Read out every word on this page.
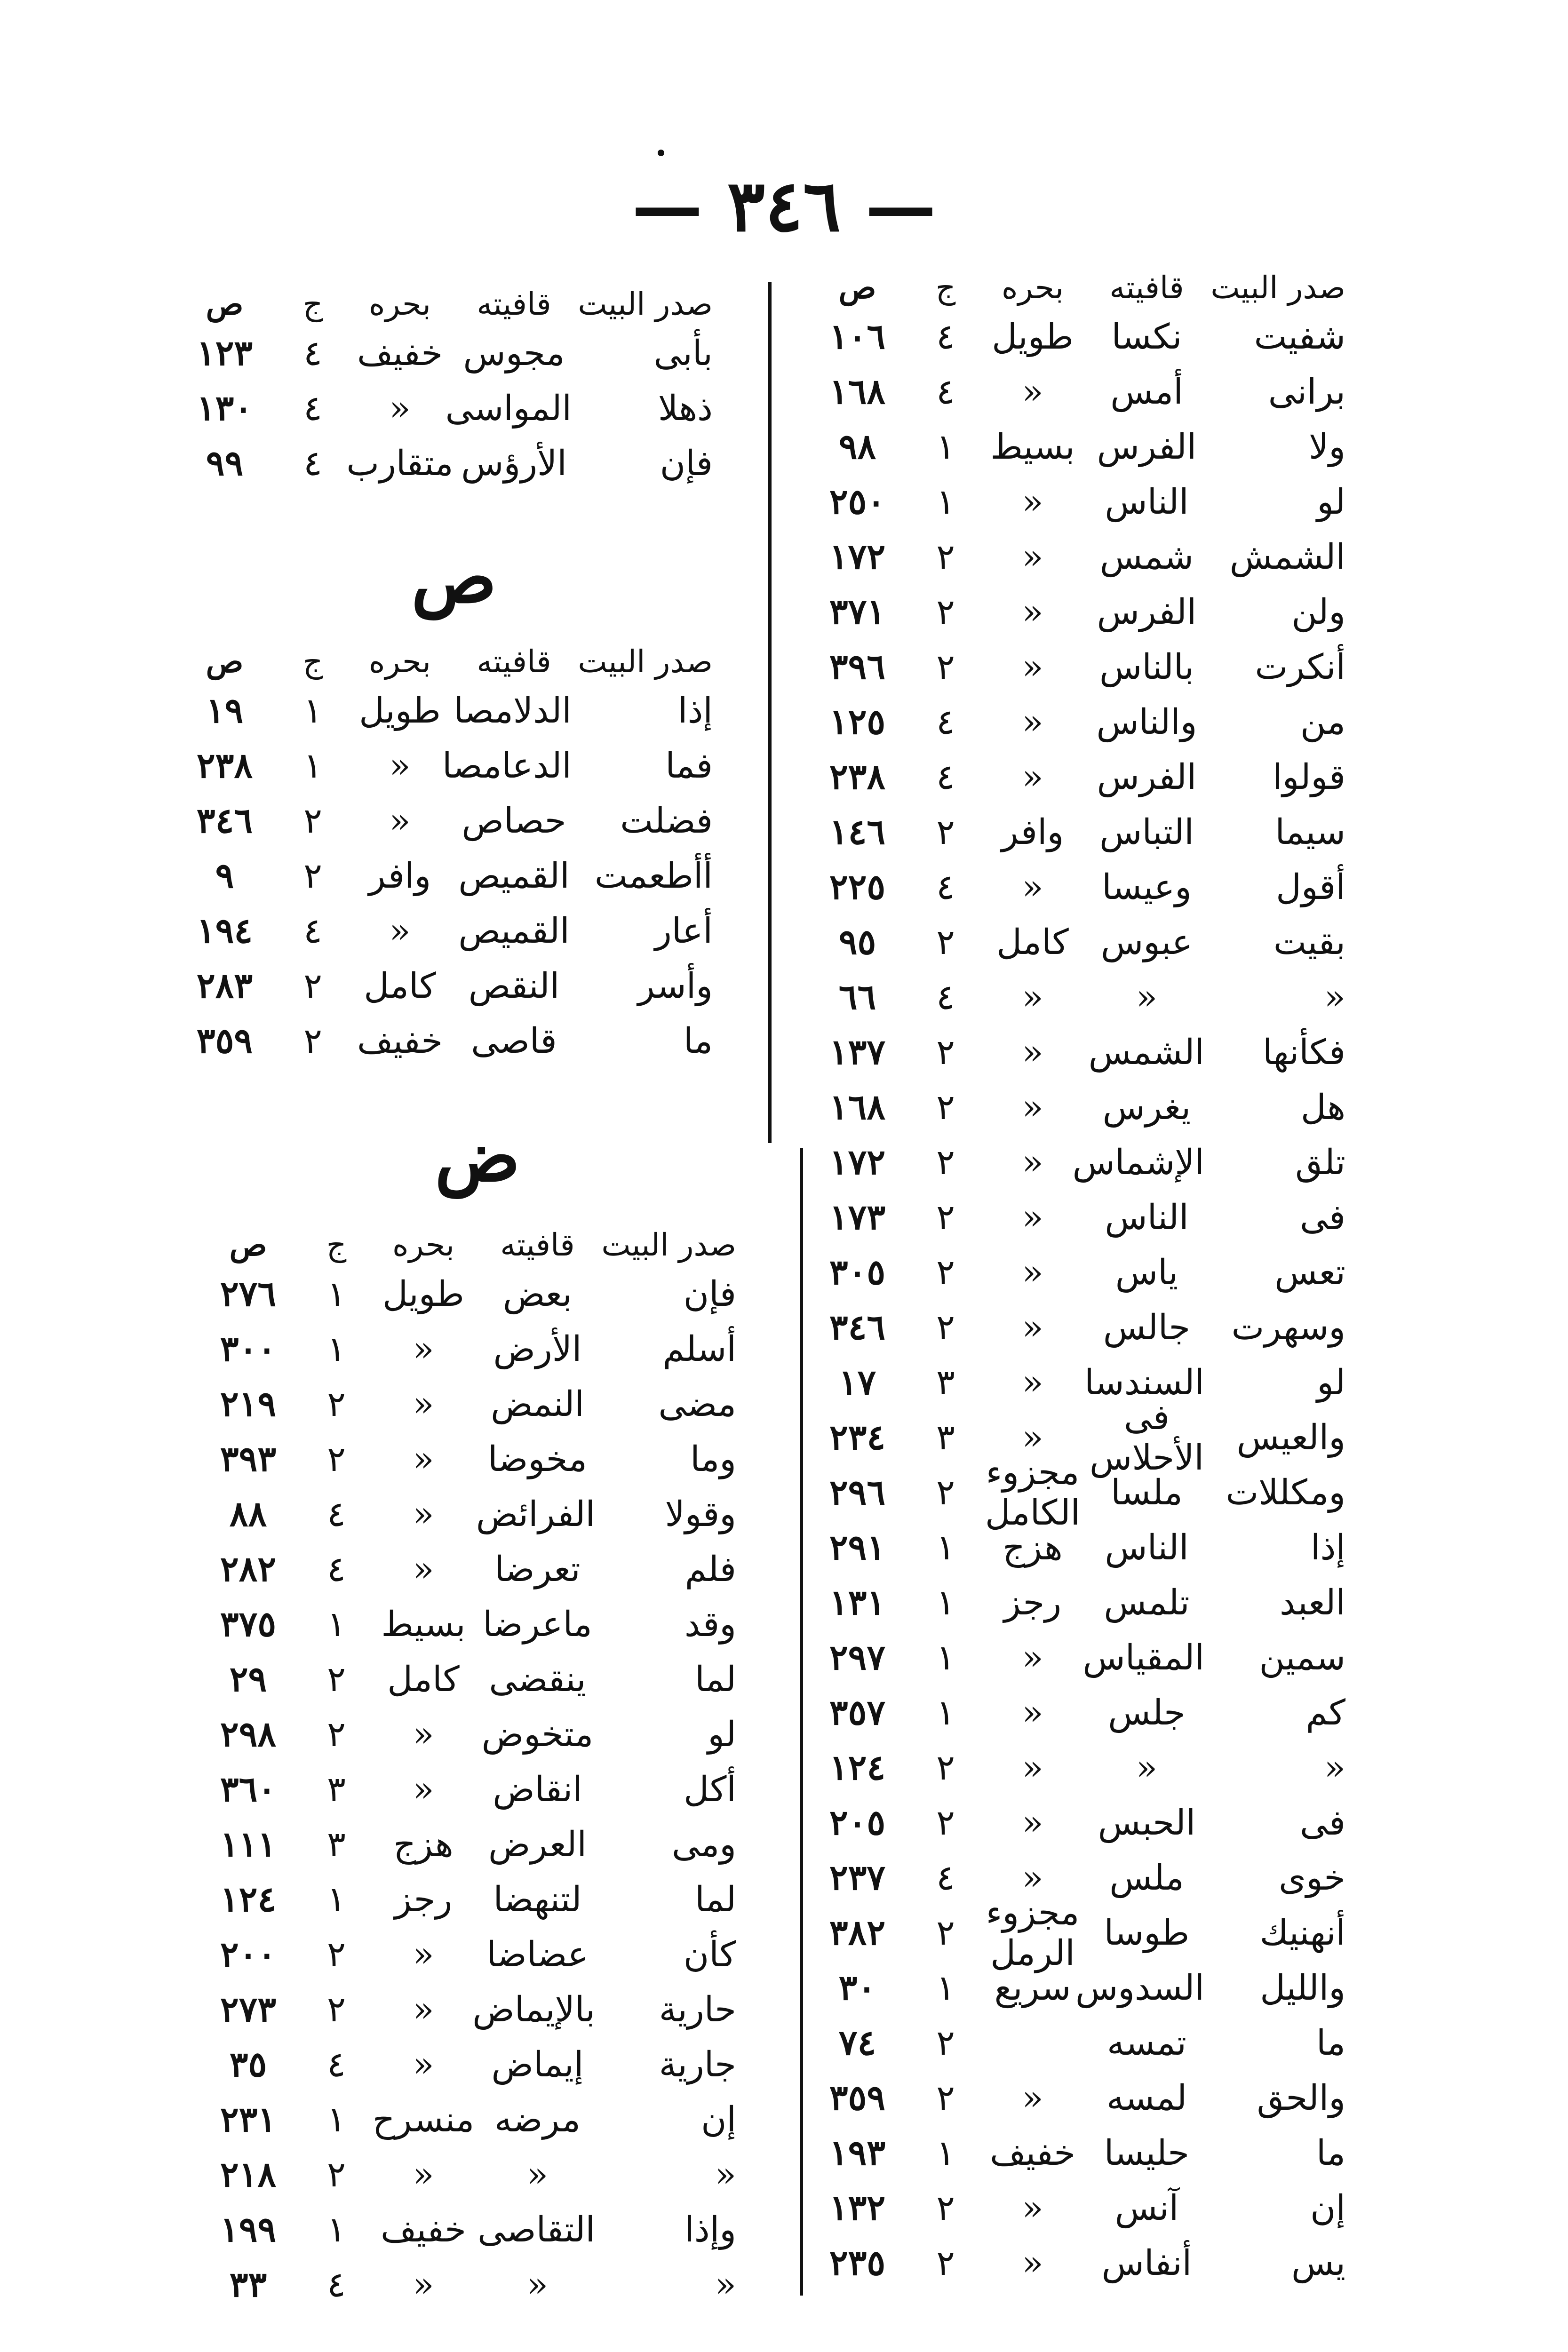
— ٣٤٦ —
صدر البيت
قافيته
بحره
ج
ص
شفيت
نكسا
طويل
٤
١٠٦
برانى
أمس
«
٤
١٦٨
ولا
الفرس
بسيط
١
٩٨
لو
الناس
«
١
٢٥٠
الشمش
شمس
«
٢
١٧٢
ولن
الفرس
«
٢
٣٧١
أنكرت
بالناس
«
٢
٣٩٦
من
والناس
«
٤
١٢٥
قولوا
الفرس
«
٤
٢٣٨
سيما
التباس
وافر
٢
١٤٦
أقول
وعيسا
«
٤
٢٢٥
بقيت
عبوس
كامل
٢
٩٥
«
«
«
٤
٦٦
فكأنها
الشمس
«
٢
١٣٧
هل
يغرس
«
٢
١٦٨
تلق
الإشماس
«
٢
١٧٢
فى
الناس
«
٢
١٧٣
تعس
ياس
«
٢
٣٠٥
وسهرت
جالس
«
٢
٣٤٦
لو
السندسا
«
٣
١٧
والعيس
فى الأحلاس
«
٣
٢٣٤
ومكللات
ملسا
مجزوء الكامل
٢
٢٩٦
إذا
الناس
هزج
١
٢٩١
العبد
تلمس
رجز
١
١٣١
سمين
المقياس
«
١
٢٩٧
كم
جلس
«
١
٣٥٧
«
«
«
٢
١٢٤
فى
الحبس
«
٢
٢٠٥
خوى
ملس
«
٤
٢٣٧
أنهنيك
طوسا
مجزوء الرمل
٢
٣٨٢
والليل
السدوس
سريع
١
٣٠
ما
تمسه
٢
٧٤
والحق
لمسه
«
٢
٣٥٩
ما
حليسا
خفيف
١
١٩٣
إن
آنس
«
٢
١٣٢
يس
أنفاس
«
٢
٢٣٥
صدر البيت
قافيته
بحره
ج
ص
بأبى
مجوس
خفيف
٤
١٢٣
ذهلا
المواسى
«
٤
١٣٠
فإن
الأرؤس
متقارب
٤
٩٩
ص
صدر البيت
قافيته
بحره
ج
ص
إذا
الدلامصا
طويل
١
١٩
فما
الدعامصا
«
١
٢٣٨
فضلت
حصاص
«
٢
٣٤٦
أأطعمت
القميص
وافر
٢
٩
أعار
القميص
«
٤
١٩٤
وأسر
النقص
كامل
٢
٢٨٣
ما
قاصى
خفيف
٢
٣٥٩
ض
صدر البيت
قافيته
بحره
ج
ص
فإن
بعض
طويل
١
٢٧٦
أسلم
الأرض
«
١
٣٠٠
مضى
النمض
«
٢
٢١٩
وما
مخوضا
«
٢
٣٩٣
وقولا
الفرائض
«
٤
٨٨
فلم
تعرضا
«
٤
٢٨٢
وقد
ماعرضا
بسيط
١
٣٧٥
لما
ينقضى
كامل
٢
٢٩
لو
متخوض
«
٢
٢٩٨
أكل
انقاض
«
٣
٣٦٠
ومى
العرض
هزج
٣
١١١
لما
لتنهضا
رجز
١
١٢٤
كأن
عضاضا
«
٢
٢٠٠
حارية
بالإيماض
«
٢
٢٧٣
جارية
إيماض
«
٤
٣٥
إن
مرضه
منسرح
١
٢٣١
«
«
«
٢
٢١٨
وإذا
التقاصى
خفيف
١
١٩٩
«
«
«
٤
٣٣
